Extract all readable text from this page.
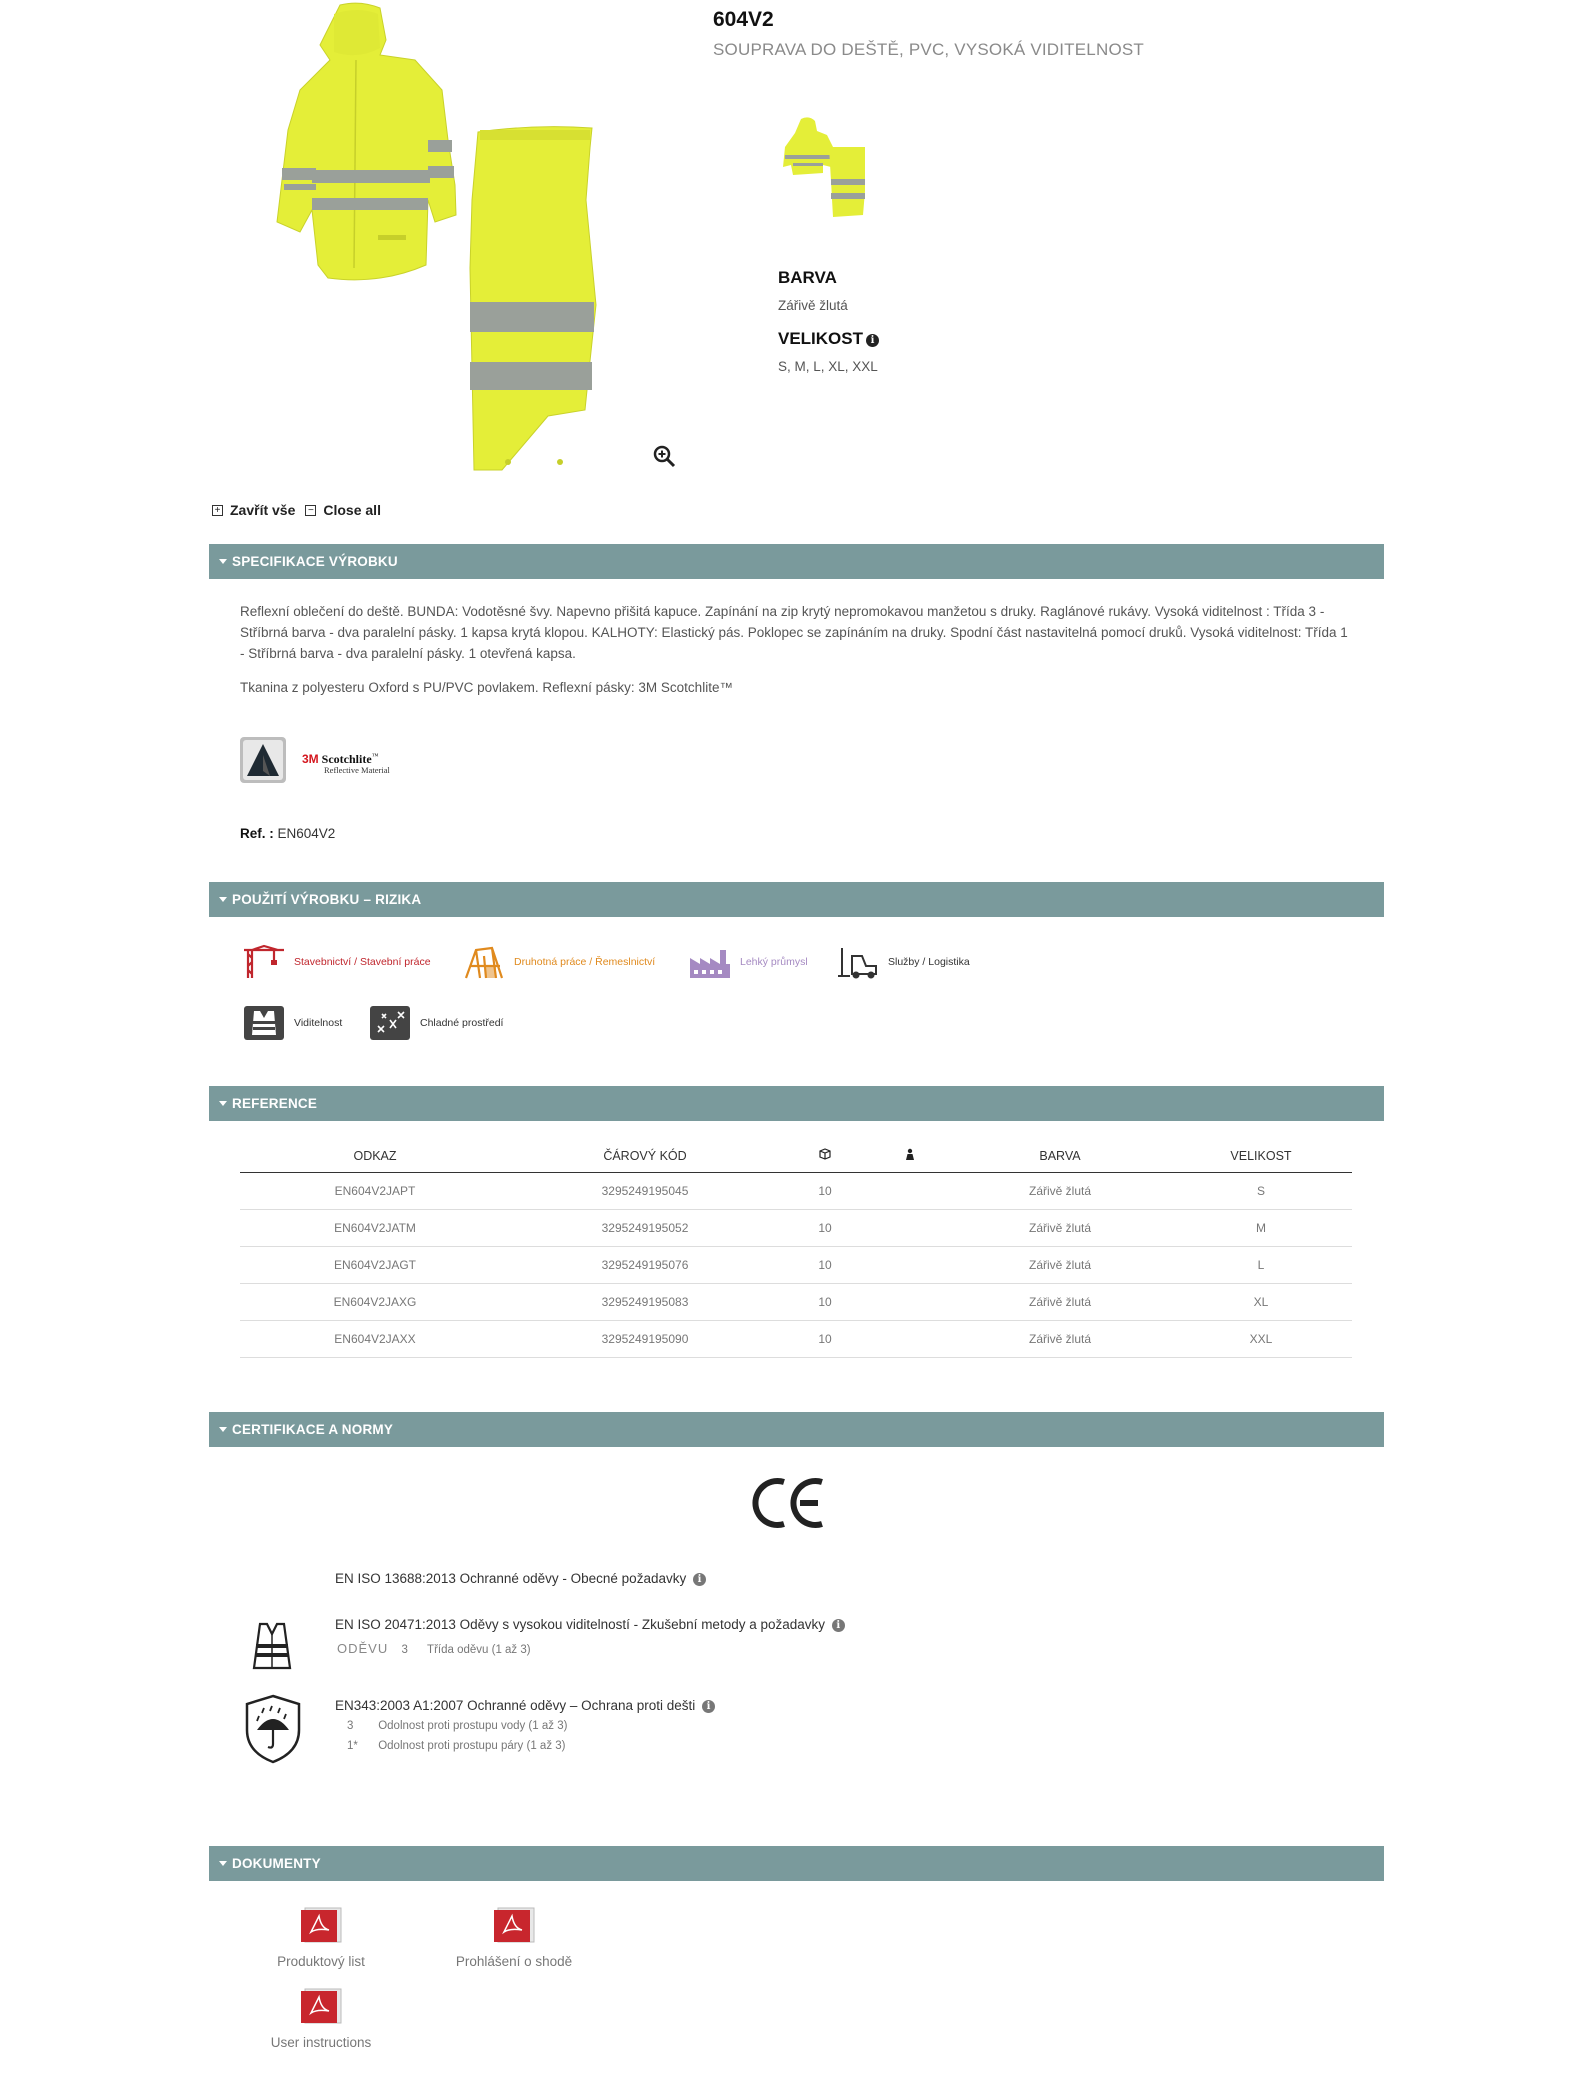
604V2
SOUPRAVA DO DEŠTĚ, PVC, VYSOKÁ VIDITELNOST
BARVA
Zářivě žlutá
VELIKOST i
S, M, L, XL, XXL
+ Zavřít vše − Close all
SPECIFIKACE VÝROBKU
Reflexní oblečení do deště. BUNDA: Vodotěsné švy. Napevno přišitá kapuce. Zapínání na zip krytý nepromokavou manžetou s druky. Raglánové rukávy. Vysoká viditelnost : Třída 3 - Stříbrná barva - dva paralelní pásky. 1 kapsa krytá klopou. KALHOTY: Elastický pás. Poklopec se zapínáním na druky. Spodní část nastavitelná pomocí druků. Vysoká viditelnost: Třída 1 - Stříbrná barva - dva paralelní pásky. 1 otevřená kapsa.
Tkanina z polyesteru Oxford s PU/PVC povlakem. Reflexní pásky: 3M Scotchlite™
3M Scotchlite™
Reflective Material
Ref. : EN604V2
POUŽITÍ VÝROBKU – RIZIKA
Stavebnictví / Stavební práce	Druhotná práce / Řemeslnictví	Lehký průmysl	Služby / Logistika
Viditelnost	Chladné prostředí
REFERENCE
ODKAZ	ČÁROVÝ KÓD			BARVA	VELIKOST
EN604V2JAPT	3295249195045	10		Zářivě žlutá	S
EN604V2JATM	3295249195052	10		Zářivě žlutá	M
EN604V2JAGT	3295249195076	10		Zářivě žlutá	L
EN604V2JAXG	3295249195083	10		Zářivě žlutá	XL
EN604V2JAXX	3295249195090	10		Zářivě žlutá	XXL
CERTIFIKACE A NORMY
EN ISO 13688:2013 Ochranné oděvy - Obecné požadavky i
EN ISO 20471:2013 Oděvy s vysokou viditelností - Zkušební metody a požadavky i
ODĚVU 3 Třída oděvu (1 až 3)
EN343:2003 A1:2007 Ochranné oděvy – Ochrana proti dešti i
3 Odolnost proti prostupu vody (1 až 3)
1* Odolnost proti prostupu páry (1 až 3)
DOKUMENTY
Produktový list	Prohlášení o shodě
User instructions
